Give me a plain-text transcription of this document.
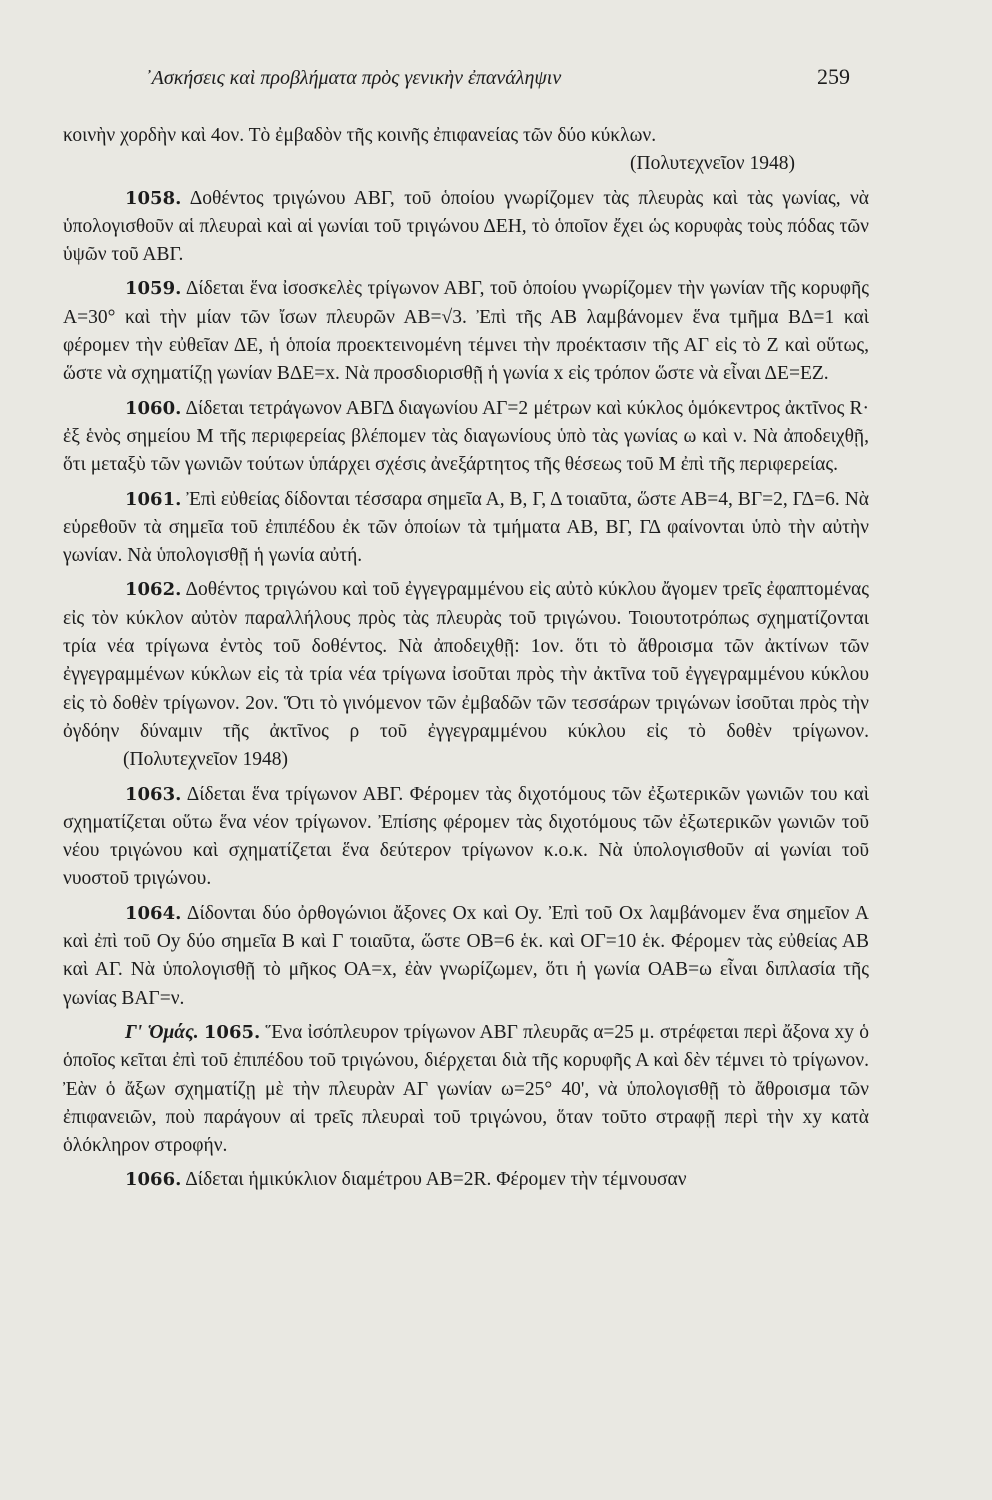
᾿Ασκήσεις καὶ προβλήματα πρὸς γενικὴν ἐπανάληψιν	259

κοινὴν χορδὴν καὶ 4ον. Τὸ ἐμβαδὸν τῆς κοινῆς ἐπιφανείας τῶν δύο κύκλων.
(Πολυτεχνεῖον 1948)

1058. Δοθέντος τριγώνου ΑΒΓ, τοῦ ὁποίου γνωρίζομεν τὰς πλευρὰς καὶ τὰς γωνίας, νὰ ὑπολογισθοῦν αἱ πλευραὶ καὶ αἱ γωνίαι τοῦ τριγώνου ΔΕΗ, τὸ ὁποῖον ἔχει ὡς κορυφὰς τοὺς πόδας τῶν ὑψῶν τοῦ ΑΒΓ.

1059. Δίδεται ἕνα ἰσοσκελὲς τρίγωνον ΑΒΓ, τοῦ ὁποίου γνωρίζομεν τὴν γωνίαν τῆς κορυφῆς Α=30° καὶ τὴν μίαν τῶν ἴσων πλευρῶν ΑΒ=√3. Ἐπὶ τῆς ΑΒ λαμβάνομεν ἕνα τμῆμα ΒΔ=1 καὶ φέρομεν τὴν εὐθεῖαν ΔΕ, ἡ ὁποία προεκτεινομένη τέμνει τὴν προέκτασιν τῆς ΑΓ εἰς τὸ Ζ καὶ οὕτως, ὥστε νὰ σχηματίζῃ γωνίαν ΒΔΕ=x. Νὰ προσδιορισθῇ ἡ γωνία x εἰς τρόπον ὥστε νὰ εἶναι ΔΕ=ΕΖ.

1060. Δίδεται τετράγωνον ΑΒΓΔ διαγωνίου ΑΓ=2 μέτρων καὶ κύκλος ὁμόκεντρος ἀκτῖνος R· ἐξ ἑνὸς σημείου Μ τῆς περιφερείας βλέπομεν τὰς διαγωνίους ὑπὸ τὰς γωνίας ω καὶ ν. Νὰ ἀποδειχθῇ, ὅτι μεταξὺ τῶν γωνιῶν τούτων ὑπάρχει σχέσις ἀνεξάρτητος τῆς θέσεως τοῦ Μ ἐπὶ τῆς περιφερείας.

1061. Ἐπὶ εὐθείας δίδονται τέσσαρα σημεῖα Α, Β, Γ, Δ τοιαῦτα, ὥστε ΑΒ=4, ΒΓ=2, ΓΔ=6. Νὰ εὑρεθοῦν τὰ σημεῖα τοῦ ἐπιπέδου ἐκ τῶν ὁποίων τὰ τμήματα ΑΒ, ΒΓ, ΓΔ φαίνονται ὑπὸ τὴν αὐτὴν γωνίαν. Νὰ ὑπολογισθῇ ἡ γωνία αὐτή.

1062. Δοθέντος τριγώνου καὶ τοῦ ἐγγεγραμμένου εἰς αὐτὸ κύκλου ἄγομεν τρεῖς ἐφαπτομένας εἰς τὸν κύκλον αὐτὸν παραλλήλους πρὸς τὰς πλευρὰς τοῦ τριγώνου. Τοιουτοτρόπως σχηματίζονται τρία νέα τρίγωνα ἐντὸς τοῦ δοθέντος. Νὰ ἀποδειχθῇ: 1ον. ὅτι τὸ ἄθροισμα τῶν ἀκτίνων τῶν ἐγγεγραμμένων κύκλων εἰς τὰ τρία νέα τρίγωνα ἰσοῦται πρὸς τὴν ἀκτῖνα τοῦ ἐγγεγραμμένου κύκλου εἰς τὸ δοθὲν τρίγωνον. 2ον. Ὅτι τὸ γινόμενον τῶν ἐμβαδῶν τῶν τεσσάρων τριγώνων ἰσοῦται πρὸς τὴν ὀγδόην δύναμιν τῆς ἀκτῖνος ρ τοῦ ἐγγεγραμμένου κύκλου εἰς τὸ δοθὲν τρίγωνον. (Πολυτεχνεῖον 1948)

1063. Δίδεται ἕνα τρίγωνον ΑΒΓ. Φέρομεν τὰς διχοτόμους τῶν ἐξωτερικῶν γωνιῶν του καὶ σχηματίζεται οὕτω ἕνα νέον τρίγωνον. Ἐπίσης φέρομεν τὰς διχοτόμους τῶν ἐξωτερικῶν γωνιῶν τοῦ νέου τριγώνου καὶ σχηματίζεται ἕνα δεύτερον τρίγωνον κ.ο.κ. Νὰ ὑπολογισθοῦν αἱ γωνίαι τοῦ νυοστοῦ τριγώνου.

1064. Δίδονται δύο ὀρθογώνιοι ἄξονες Ox καὶ Oy. Ἐπὶ τοῦ Ox λαμβάνομεν ἕνα σημεῖον Α καὶ ἐπὶ τοῦ Oy δύο σημεῖα Β καὶ Γ τοιαῦτα, ὥστε ΟΒ=6 ἑκ. καὶ ΟΓ=10 ἑκ. Φέρομεν τὰς εὐθείας ΑΒ καὶ ΑΓ. Νὰ ὑπολογισθῇ τὸ μῆκος ΟΑ=x, ἐὰν γνωρίζωμεν, ὅτι ἡ γωνία ΟΑΒ=ω εἶναι διπλασία τῆς γωνίας ΒΑΓ=ν.

Γ' Ὁμάς. 1065. Ἕνα ἰσόπλευρον τρίγωνον ΑΒΓ πλευρᾶς α=25 μ. στρέφεται περὶ ἄξονα xy ὁ ὁποῖος κεῖται ἐπὶ τοῦ ἐπιπέδου τοῦ τριγώνου, διέρχεται διὰ τῆς κορυφῆς Α καὶ δὲν τέμνει τὸ τρίγωνον. Ἐὰν ὁ ἄξων σχηματίζῃ μὲ τὴν πλευρὰν ΑΓ γωνίαν ω=25° 40', νὰ ὑπολογισθῇ τὸ ἄθροισμα τῶν ἐπιφανειῶν, ποὺ παράγουν αἱ τρεῖς πλευραὶ τοῦ τριγώνου, ὅταν τοῦτο στραφῇ περὶ τὴν xy κατὰ ὁλόκληρον στροφήν.

1066. Δίδεται ἡμικύκλιον διαμέτρου ΑΒ=2R. Φέρομεν τὴν τέμνουσαν
